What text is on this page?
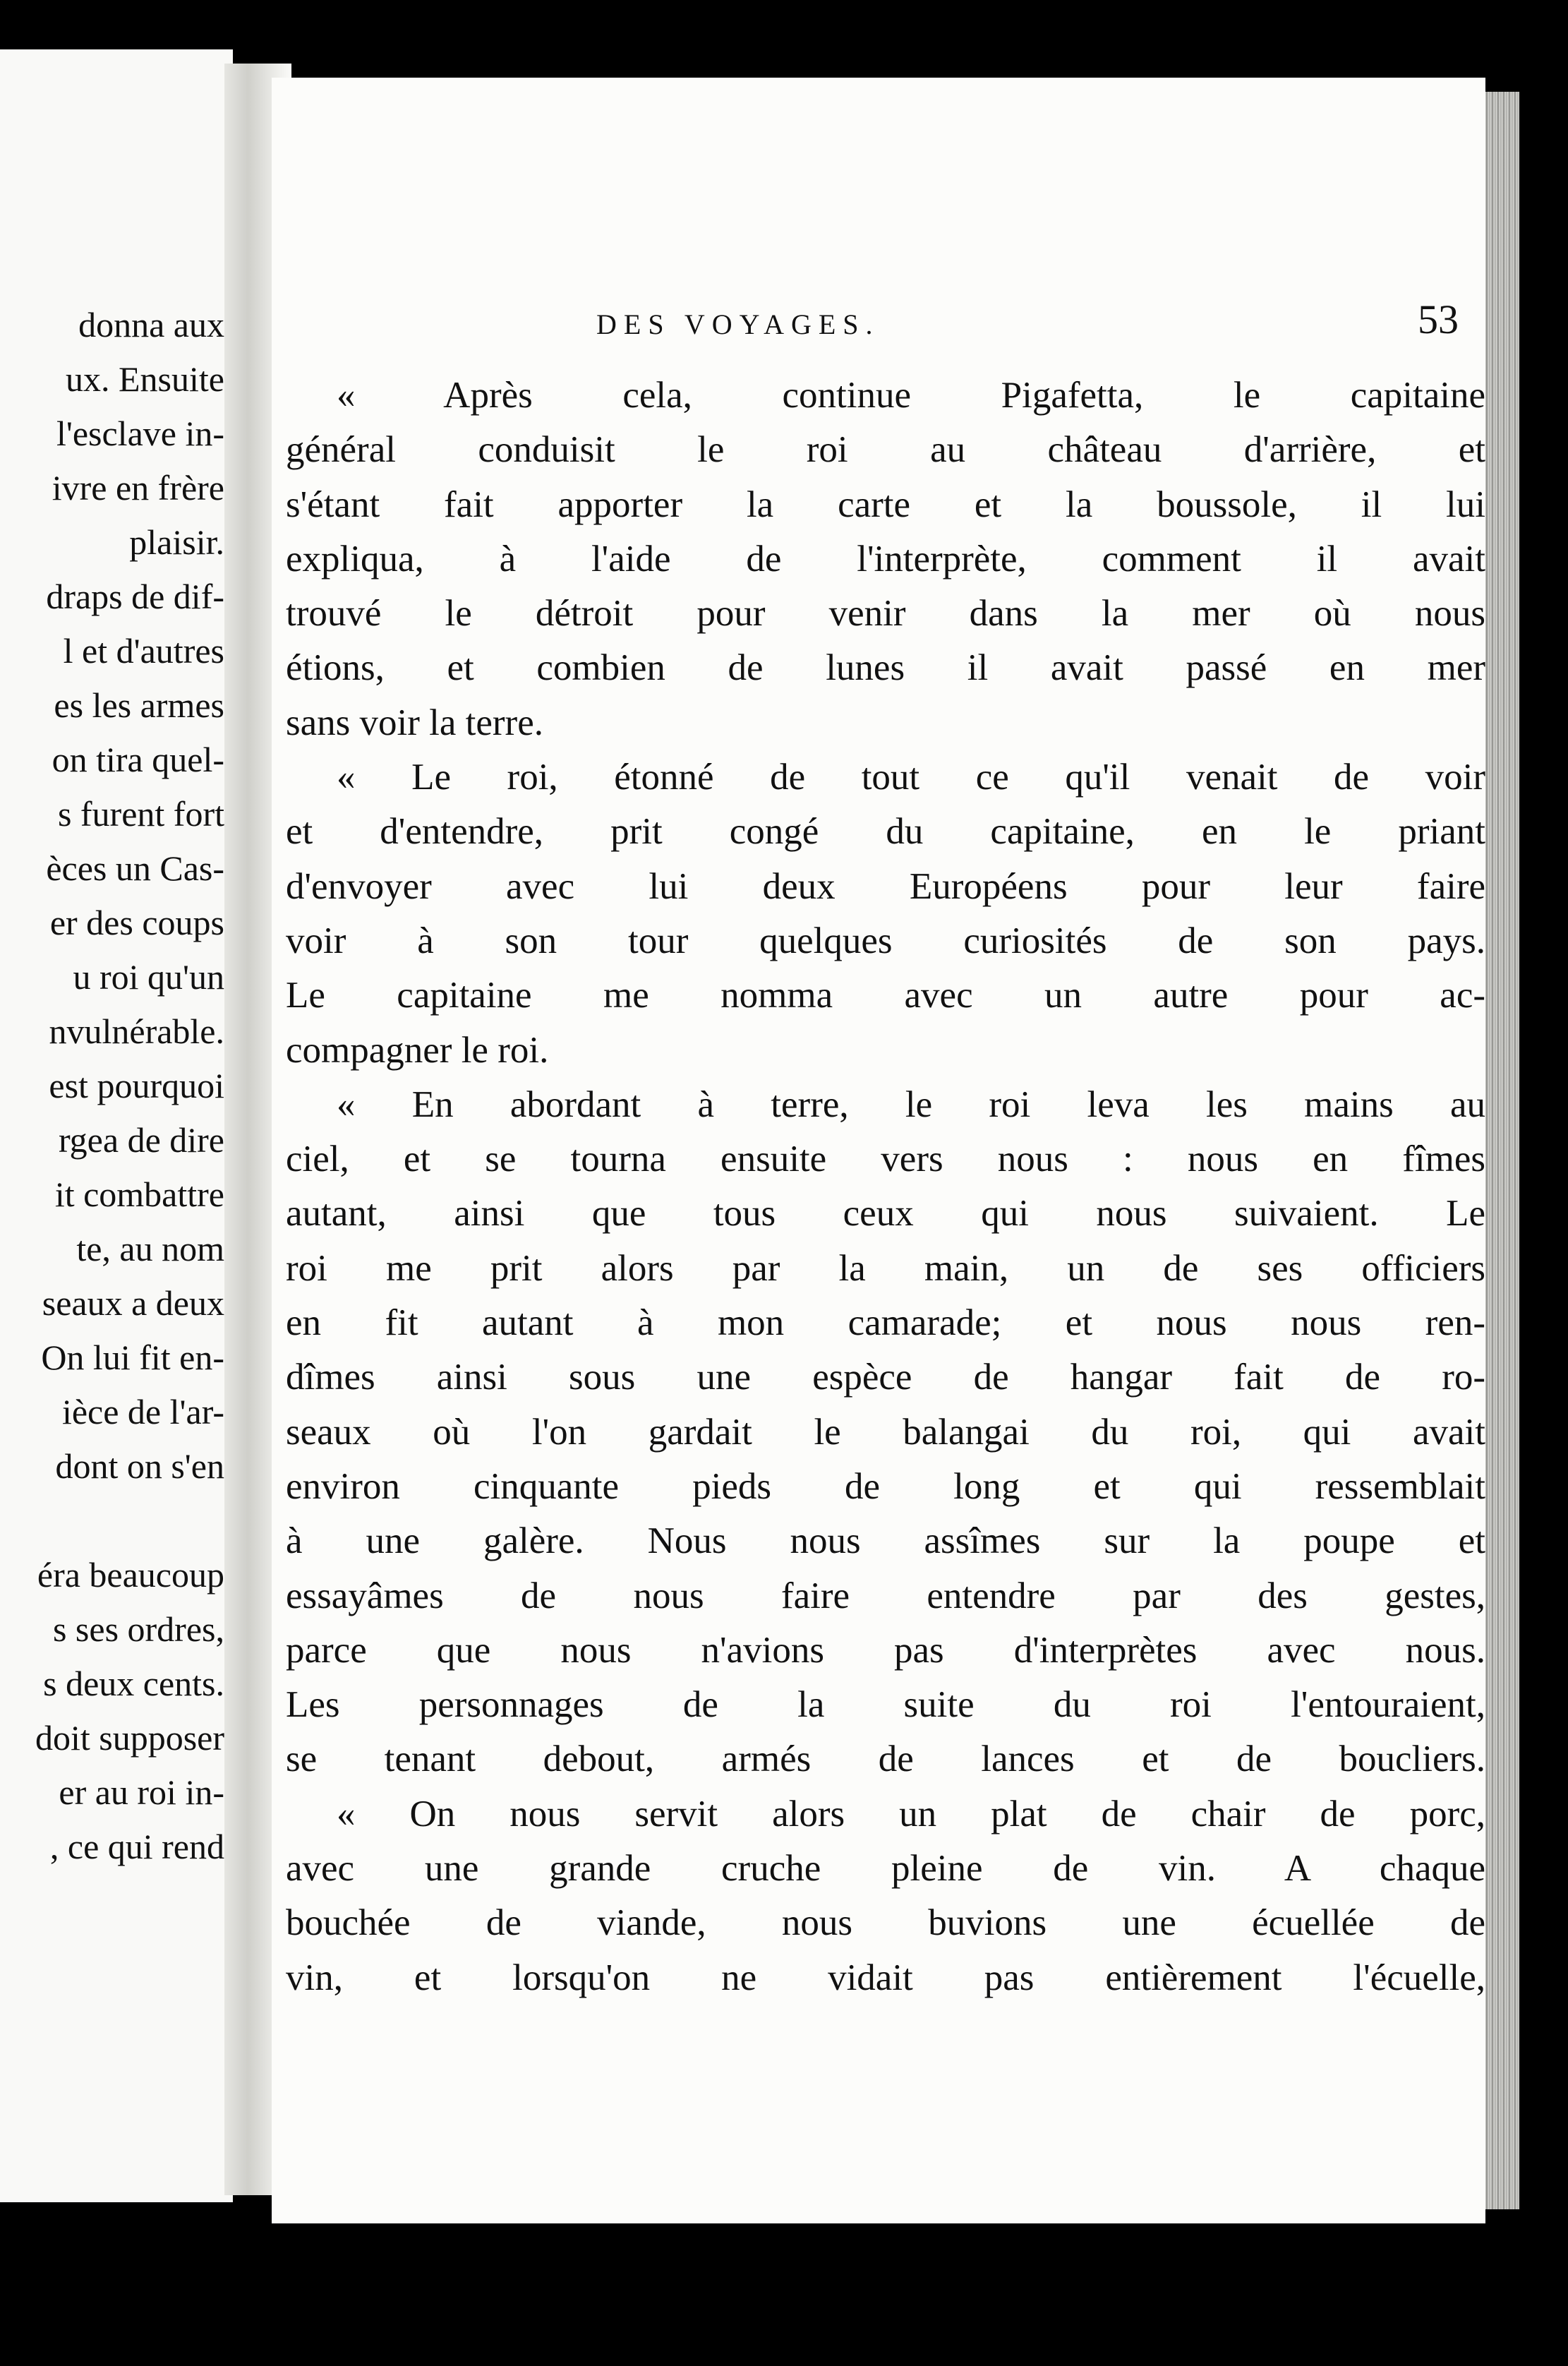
donna aux
ux. Ensuite
l'esclave in-
ivre en frère
plaisir.
draps de dif-
l et d'autres
es les armes
on tira quel-
s furent fort
èces un Cas-
er des coups
u roi qu'un
nvulnérable.
est pourquoi
rgea de dire
it combattre
te, au nom
seaux a deux
On lui fit en-
ièce de l'ar-
dont on s'en
éra beaucoup
s ses ordres,
s deux cents.
doit supposer
er au roi in-
, ce qui rend
DES VOYAGES.	53
« Après cela, continue Pigafetta, le capitaine
général conduisit le roi au château d'arrière, et
s'étant fait apporter la carte et la boussole, il lui
expliqua, à l'aide de l'interprète, comment il avait
trouvé le détroit pour venir dans la mer où nous
étions, et combien de lunes il avait passé en mer
sans voir la terre.
« Le roi, étonné de tout ce qu'il venait de voir
et d'entendre, prit congé du capitaine, en le priant
d'envoyer avec lui deux Européens pour leur faire
voir à son tour quelques curiosités de son pays.
Le capitaine me nomma avec un autre pour ac-
compagner le roi.
« En abordant à terre, le roi leva les mains au
ciel, et se tourna ensuite vers nous : nous en fîmes
autant, ainsi que tous ceux qui nous suivaient. Le
roi me prit alors par la main, un de ses officiers
en fit autant à mon camarade; et nous nous ren-
dîmes ainsi sous une espèce de hangar fait de ro-
seaux où l'on gardait le balangai du roi, qui avait
environ cinquante pieds de long et qui ressemblait
à une galère. Nous nous assîmes sur la poupe et
essayâmes de nous faire entendre par des gestes,
parce que nous n'avions pas d'interprètes avec nous.
Les personnages de la suite du roi l'entouraient,
se tenant debout, armés de lances et de boucliers.
« On nous servit alors un plat de chair de porc,
avec une grande cruche pleine de vin. A chaque
bouchée de viande, nous buvions une écuellée de
vin, et lorsqu'on ne vidait pas entièrement l'écuelle,
